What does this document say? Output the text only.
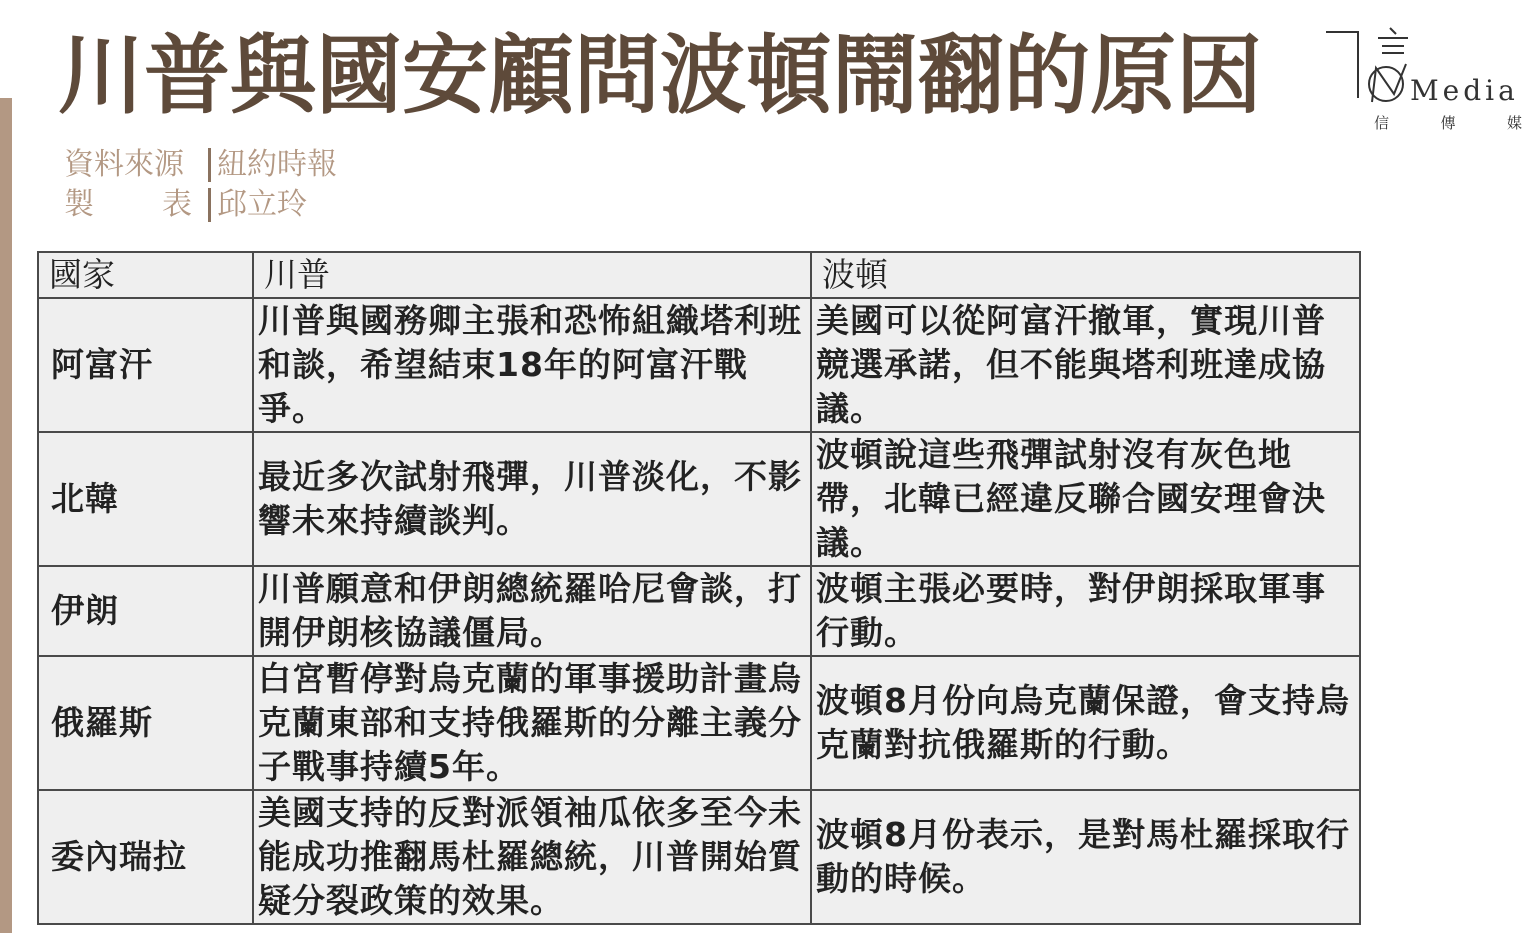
川普與國安顧問波頓鬧翻的原因
資料來源	紐約時報
製 表 邱立玲
Media
信	傳	媒
國家	川普	波頓
阿富汗	川普與國務卿主張和恐怖組織塔利班和談，希望結束18年的阿富汗戰爭。	美國可以從阿富汗撤軍，實現川普競選承諾，但不能與塔利班達成協議。
北韓	最近多次試射飛彈，川普淡化，不影響未來持續談判。	波頓說這些飛彈試射沒有灰色地帶，北韓已經違反聯合國安理會決議。
伊朗	川普願意和伊朗總統羅哈尼會談，打開伊朗核協議僵局。	波頓主張必要時，對伊朗採取軍事行動。
俄羅斯	白宮暫停對烏克蘭的軍事援助計畫烏克蘭東部和支持俄羅斯的分離主義分子戰事持續5年。	波頓8月份向烏克蘭保證，會支持烏克蘭對抗俄羅斯的行動。
委內瑞拉	美國支持的反對派領袖瓜依多至今未能成功推翻馬杜羅總統，川普開始質疑分裂政策的效果。	波頓8月份表示，是對馬杜羅採取行動的時候。
